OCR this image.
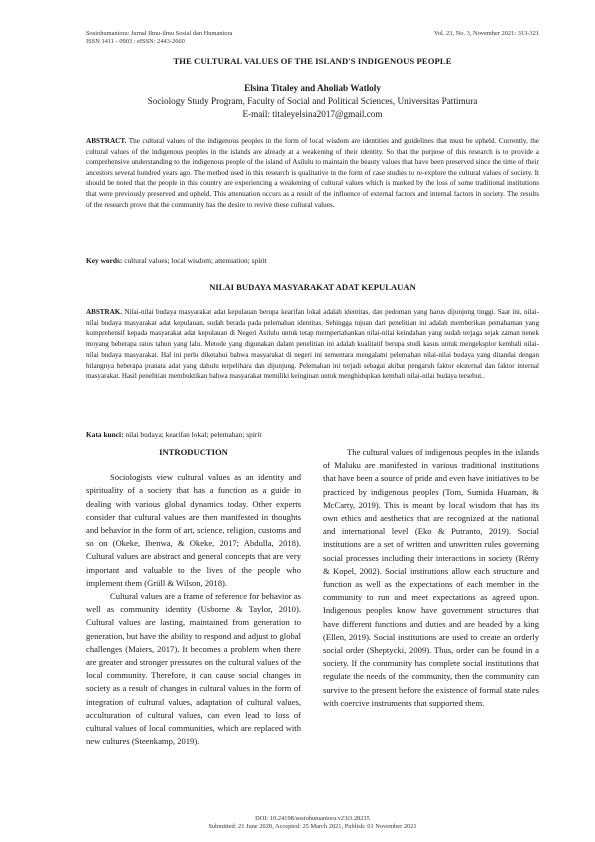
Sosiohumaniora: Jurnal Ilmu-ilmu Sosial dan Humaniora
ISSN 1411 - 0903 : eISSN: 2443-2660
Vol. 23, No. 3, November 2021: 313-321
THE CULTURAL VALUES OF THE ISLAND'S INDIGENOUS PEOPLE
Elsina Titaley and Aholiab Watloly
Sociology Study Program, Faculty of Social and Political Sciences, Universitas Pattimura
E-mail: titaleyelsina2017@gmail.com
ABSTRACT. The cultural values of the indigenous peoples in the form of local wisdom are identities and guidelines that must be upheld. Currently, the cultural values of the indigenous peoples in the islands are already at a weakening of their identity. So that the purpose of this research is to provide a comprehensive understanding to the indigenous people of the island of Asilulu to maintain the beauty values that have been preserved since the time of their ancestors several hundred years ago. The method used in this research is qualitative in the form of case studies to re-explore the cultural values of society. It should be noted that the people in this country are experiencing a weakening of cultural values which is marked by the loss of some traditional institutions that were previously preserved and upheld. This attenuation occurs as a result of the influence of external factors and internal factors in society. The results of the research prove that the community has the desire to revive these cultural values.
Key words: cultural values; local wisdom; attenuation; spirit
NILAI BUDAYA MASYARAKAT ADAT KEPULAUAN
ABSTRAK. Nilai-nilai budaya masyarakat adat kepulauan berupa kearifan lokal adalah identitas, dan pedoman yang harus dijunjung tinggi. Saat ini, nilai-nilai budaya masyarakat adat kepulauan, sudah berada pada pelemahan identitas. Sehingga tujuan dari penelitian ini adalah memberikan pemahaman yang komprehensif kepada masyarakat adat kepulauan di Negeri Asilulu untuk tetap mempertahankan nilai-nilai keindahan yang sudah terjaga sejak zaman nenek moyang beberapa ratus tahun yang lalu. Metode yang digunakan dalam penelitian ini adalah kualitatif berupa studi kasus untuk mengeksplor kembali nilai-nilai budaya masyarakat. Hal ini perlu diketahui bahwa masyarakat di negeri ini sementara mengalami pelemahan nilai-nilai budaya yang ditandai dengan hilangnya beberapa pranata adat yang dahulu terpelihara dan dijunjung. Pelemahan ini terjadi sebagai akibat pengaruh faktor eksternal dan faktor internal masyarakat. Hasil penelitian membuktikan bahwa masyarakat memiliki keinginan untuk menghidupkan kembali nilai-nilai budaya tersebut..
Kata kunci: nilai budaya; kearifan lokal; pelemahan; spirit
INTRODUCTION

Sociologists view cultural values as an identity and spirituality of a society that has a function as a guide in dealing with various global dynamics today. Other experts consider that cultural values are then manifested in thoughts and behavior in the form of art, science, religion, customs and so on (Okeke, Ibenwa, & Okeke, 2017; Abdulla, 2018). Cultural values are abstract and general concepts that are very important and valuable to the lives of the people who implement them (Grüll & Wilson, 2018).

Cultural values are a frame of reference for behavior as well as community identity (Usborne & Taylor, 2010). Cultural values are lasting, maintained from generation to generation, but have the ability to respond and adjust to global challenges (Maiers, 2017). It becomes a problem when there are greater and stronger pressures on the cultural values of the local community. Therefore, it can cause social changes in society as a result of changes in cultural values in the form of integration of cultural values, adaptation of cultural values, acculturation of cultural values, can even lead to loss of cultural values of local communities, which are replaced with new cultures (Steenkamp, 2019).

The cultural values of indigenous peoples in the islands of Maluku are manifested in various traditional institutions that have been a source of pride and even have initiatives to be practiced by indigenous peoples (Tom, Sumida Huaman, & McCarty, 2019). This is meant by local wisdom that has its own ethics and aesthetics that are recognized at the national and international level (Eko & Putranto, 2019). Social institutions are a set of written and unwritten rules governing social processes including their interactions in society (Rémy & Kopel, 2002). Social institutions allow each structure and function as well as the expectations of each member in the community to run and meet expectations as agreed upon. Indigenous peoples know have government structures that have different functions and duties and are headed by a king (Ellen, 2019). Social institutions are used to create an orderly social order (Sheptycki, 2009). Thus, order can be found in a society. If the community has complete social institutions that regulate the needs of the community, then the community can survive to the present before the existence of formal state rules with coercive instruments that supported them.

DOI: 10.24198/sosiohumaniora.v23i3.28235
Submitted: 21 June 2020, Accepted: 25 March 2021, Publish: 01 November 2021
